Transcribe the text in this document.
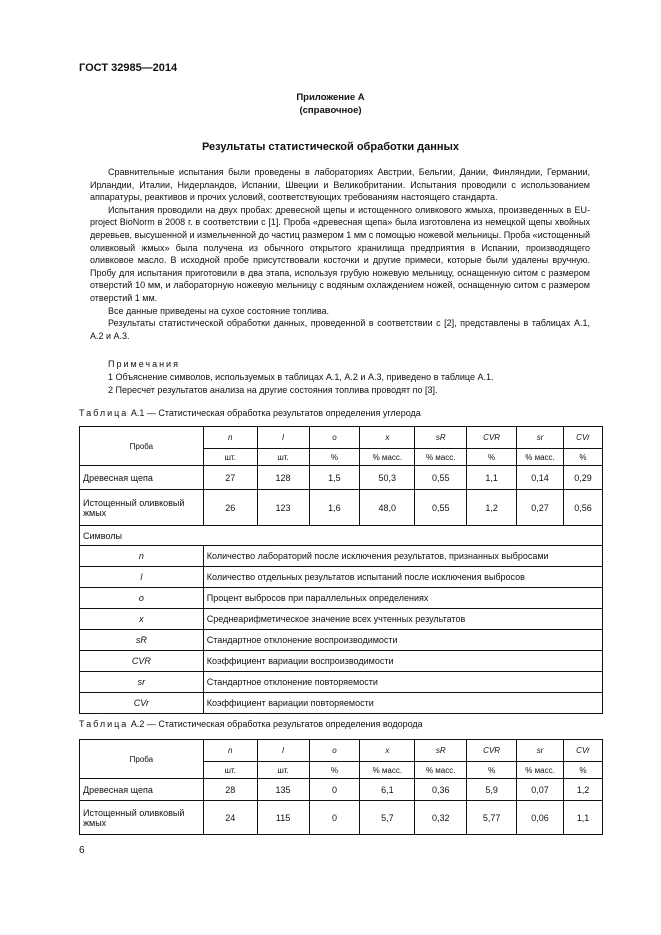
ГОСТ 32985—2014
Приложение А
(справочное)
Результаты статистической обработки данных

Сравнительные испытания были проведены в лабораториях Австрии, Бельгии, Дании, Финляндии, Германии, Ирландии, Италии, Нидерландов, Испании, Швеции и Великобритании. Испытания проводили с использованием аппаратуры, реактивов и прочих условий, соответствующих требованиям настоящего стандарта.

Испытания проводили на двух пробах: древесной щепы и истощенного оливкового жмыха, произведенных в EU-project BioNorm в 2008 г. в соответствии с [1]. Проба «древесная щепа» была изготовлена из немецкой щепы хвойных деревьев, высушенной и измельченной до частиц размером 1 мм с помощью ножевой мельницы. Проба «истощенный оливковый жмых» была получена из обычного открытого хранилища предприятия в Испании, производящего оливковое масло. В исходной пробе присутствовали косточки и другие примеси, которые были удалены вручную. Пробу для испытания приготовили в два этапа, используя грубую ножевую мельницу, оснащенную ситом с размером отверстий 10 мм, и лабораторную ножевую мельницу с водяным охлаждением ножей, оснащенную ситом с размером отверстий 1 мм.

Все данные приведены на сухое состояние топлива.

Результаты статистической обработки данных, проведенной в соответствии с [2], представлены в таблицах А.1, А.2 и А.3.

Примечания
1 Объяснение символов, используемых в таблицах А.1, А.2 и А.3, приведено в таблице А.1.
2 Пересчет результатов анализа на другие состояния топлива проводят по [3].
Таблица А.1 — Статистическая обработка результатов определения углерода
Проба	n	l	o	x	sR	CVR	sr	CVr
	шт.	шт.	%	% масс.	% масс.	%	% масс.	%
Древесная щепа	27	128	1,5	50,3	0,55	1,1	0,14	0,29
Истощенный оливковый жмых	26	123	1,6	48,0	0,55	1,2	0,27	0,56
Символы								
n	Количество лабораторий после исключения результатов, признанных выбросами							
l	Количество отдельных результатов испытаний после исключения выбросов							
o	Процент выбросов при параллельных определениях							
x	Среднеарифметическое значение всех учтенных результатов							
sR	Стандартное отклонение воспроизводимости							
CVR	Коэффициент вариации воспроизводимости							
sr	Стандартное отклонение повторяемости							
CVr	Коэффициент вариации повторяемости							
Таблица А.2 — Статистическая обработка результатов определения водорода
Проба	n	l	o	x	sR	CVR	sr	CVr
	шт.	шт.	%	% масс.	% масс.	%	% масс.	%
Древесная щепа	28	135	0	6,1	0,36	5,9	0,07	1,2
Истощенный оливковый жмых	24	115	0	5,7	0,32	5,77	0,06	1,1
6
